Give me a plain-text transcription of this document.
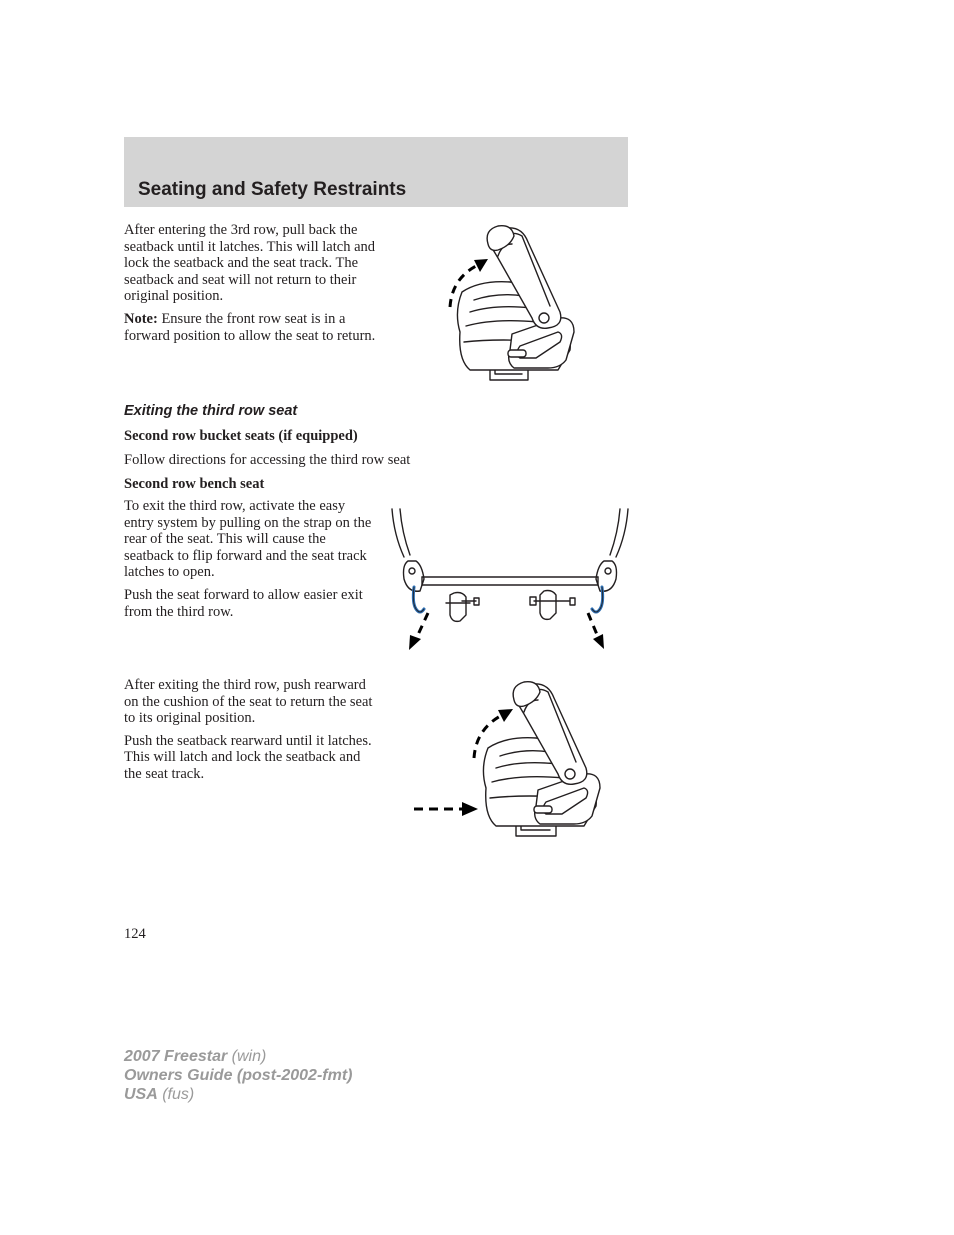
Seating and Safety Restraints

After entering the 3rd row, pull back the seatback until it latches. This will latch and lock the seatback and the seat track. The seatback and seat will not return to their original position.

Note: Ensure the front row seat is in a forward position to allow the seat to return.

Exiting the third row seat
Second row bucket seats (if equipped)
Follow directions for accessing the third row seat
Second row bench seat

To exit the third row, activate the easy entry system by pulling on the strap on the rear of the seat. This will cause the seatback to flip forward and the seat track latches to open.

Push the seat forward to allow easier exit from the third row.

After exiting the third row, push rearward on the cushion of the seat to return the seat to its original position.

Push the seatback rearward until it latches. This will latch and lock the seatback and the seat track.

124
2007 Freestar (win)
Owners Guide (post-2002-fmt)
USA (fus)
